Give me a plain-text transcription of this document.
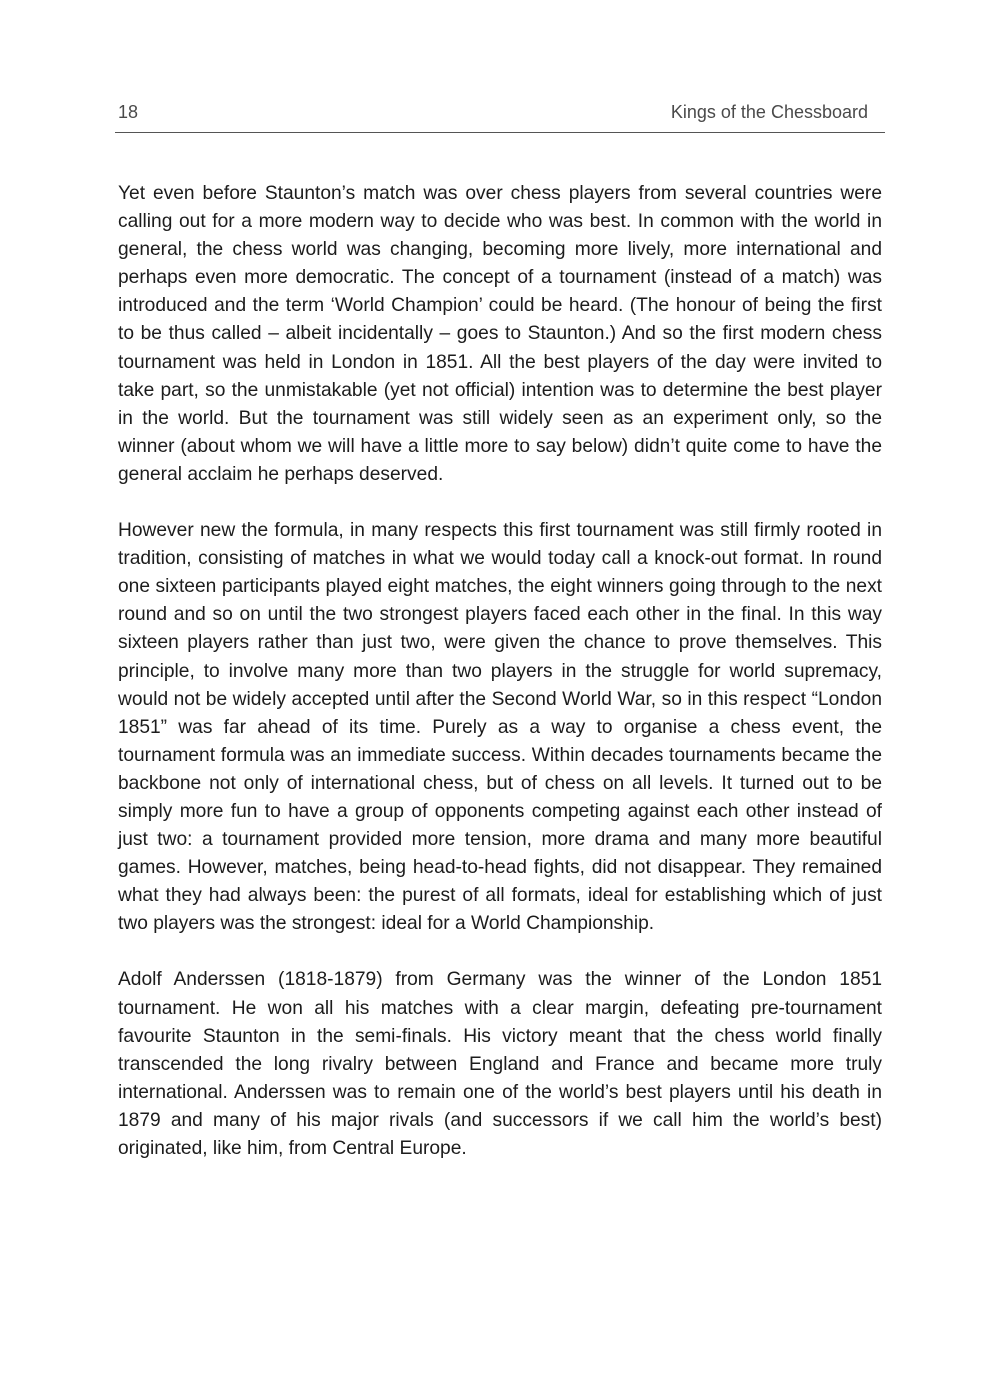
18	Kings of the Chessboard

Yet even before Staunton’s match was over chess players from several countries were calling out for a more modern way to decide who was best. In common with the world in general, the chess world was changing, becoming more lively, more international and perhaps even more democratic. The concept of a tournament (instead of a match) was introduced and the term ‘World Champion’ could be heard. (The honour of being the first to be thus called – albeit incidentally – goes to Staunton.) And so the first modern chess tournament was held in London in 1851. All the best players of the day were invited to take part, so the unmistakable (yet not official) intention was to determine the best player in the world. But the tournament was still widely seen as an experiment only, so the winner (about whom we will have a little more to say below) didn’t quite come to have the general acclaim he perhaps deserved.

However new the formula, in many respects this first tournament was still firmly rooted in tradition, consisting of matches in what we would today call a knock-out format. In round one sixteen participants played eight matches, the eight winners going through to the next round and so on until the two strongest players faced each other in the final. In this way sixteen players rather than just two, were given the chance to prove themselves. This principle, to involve many more than two players in the struggle for world supremacy, would not be widely accepted until after the Second World War, so in this respect “London 1851” was far ahead of its time. Purely as a way to organise a chess event, the tournament formula was an immediate success. Within decades tournaments became the backbone not only of international chess, but of chess on all levels. It turned out to be simply more fun to have a group of opponents competing against each other instead of just two: a tournament provided more tension, more drama and many more beautiful games. However, matches, being head-to-head fights, did not disappear. They remained what they had always been: the purest of all formats, ideal for establishing which of just two players was the strongest: ideal for a World Championship.

Adolf Anderssen (1818-1879) from Germany was the winner of the London 1851 tournament. He won all his matches with a clear margin, defeating pre-tournament favourite Staunton in the semi-finals. His victory meant that the chess world finally transcended the long rivalry between England and France and became more truly international. Anderssen was to remain one of the world’s best players until his death in 1879 and many of his major rivals (and successors if we call him the world’s best) originated, like him, from Central Europe.
